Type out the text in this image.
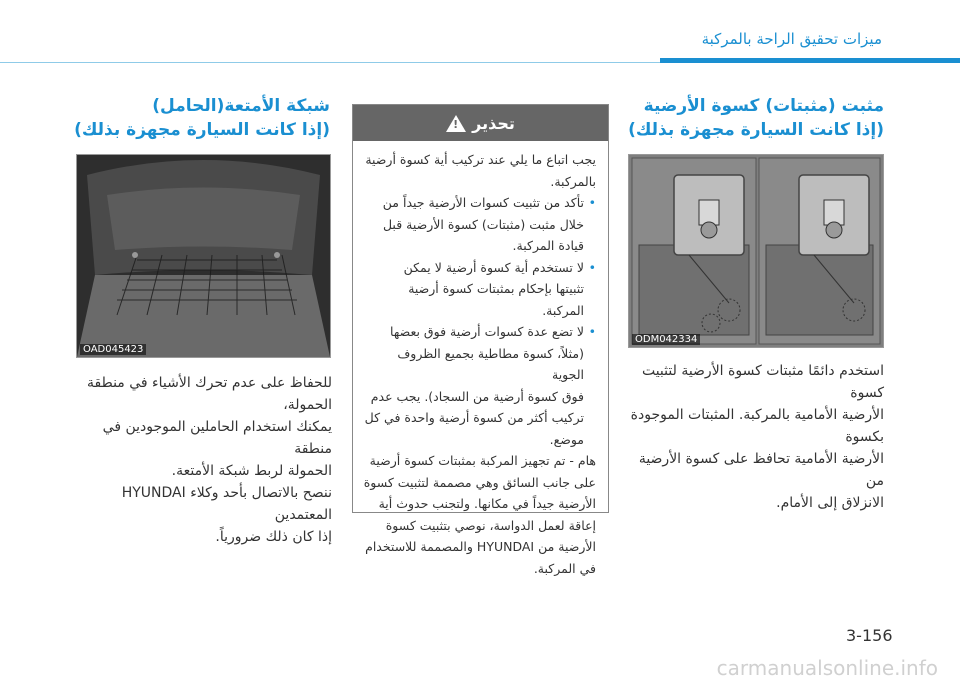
ميزات تحقيق الراحة بالمركبة
شبكة الأمتعة(الحامل)
(إذا كانت السيارة مجهزة بذلك)
OAD045423

للحفاظ على عدم تحرك الأشياء في منطقة الحمولة،

يمكنك استخدام الحاملين الموجودين في منطقة

الحمولة لربط شبكة الأمتعة.

ننصح بالاتصال بأحد وكلاء HYUNDAI المعتمدين

إذا كان ذلك ضرورياً.

تحذير
!

يجب اتباع ما يلي عند تركيب أية كسوة أرضية

بالمركبة.

• تأكد من تثبيت كسوات الأرضية جيداً من

خلال مثبت (مثبتات) كسوة الأرضية قبل

قيادة المركبة.

• لا تستخدم أية كسوة أرضية لا يمكن

تثبيتها بإحكام بمثبتات كسوة أرضية

المركبة.

• لا تضع عدة كسوات أرضية فوق بعضها

(مثلاً، كسوة مطاطية بجميع الظروف الجوية

فوق كسوة أرضية من السجاد). يجب عدم

تركيب أكثر من كسوة أرضية واحدة في كل

موضع.

هام - تم تجهيز المركبة بمثبتات كسوة أرضية

على جانب السائق وهي مصممة لتثبيت كسوة

الأرضية جيداً في مكانها. ولتجنب حدوث أية

إعاقة لعمل الدواسة، نوصي بتثبيت كسوة

الأرضية من HYUNDAI والمصممة للاستخدام

في المركبة.

مثبت (مثبتات) كسوة الأرضية
(إذا كانت السيارة مجهزة بذلك)
ODM042334

استخدم دائمًا مثبتات كسوة الأرضية لتثبيت كسوة

الأرضية الأمامية بالمركبة. المثبتات الموجودة بكسوة

الأرضية الأمامية تحافظ على كسوة الأرضية من

الانزلاق إلى الأمام.

3-156
carmanualsonline.info
